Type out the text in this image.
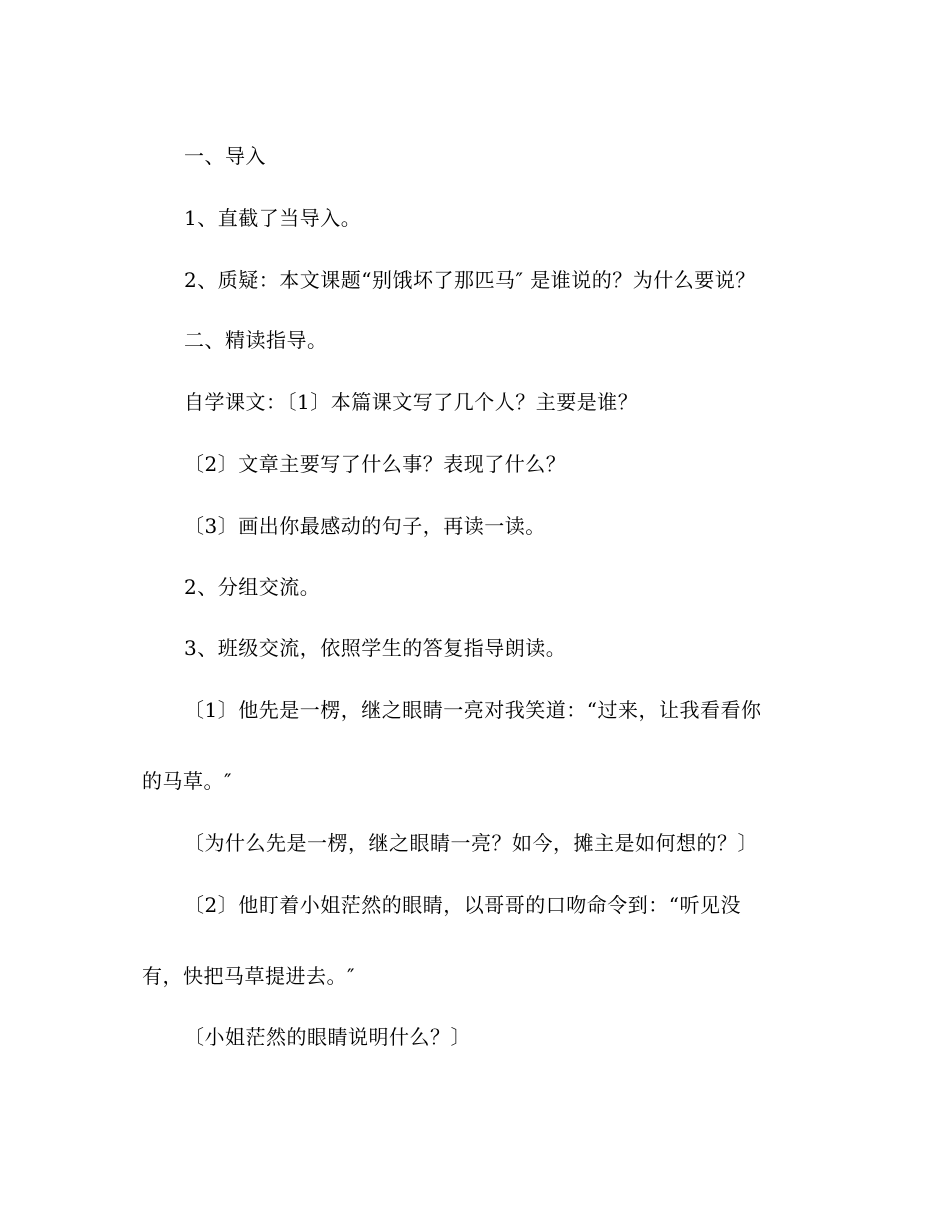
一、导入
1、直截了当导入。
2、质疑：本文课题“别饿坏了那匹马″ 是谁说的？为什么要说？
二、精读指导。
自学课文：〔1〕本篇课文写了几个人？主要是谁？
〔2〕文章主要写了什么事？表现了什么？
〔3〕画出你最感动的句子，再读一读。
2、分组交流。
3、班级交流，依照学生的答复指导朗读。
〔1〕他先是一楞，继之眼睛一亮对我笑道：“过来，让我看看你
的马草。″
〔为什么先是一楞，继之眼睛一亮？如今，摊主是如何想的？〕
〔2〕他盯着小姐茫然的眼睛，以哥哥的口吻命令到：“听见没
有，快把马草提进去。″
〔小姐茫然的眼睛说明什么？〕
